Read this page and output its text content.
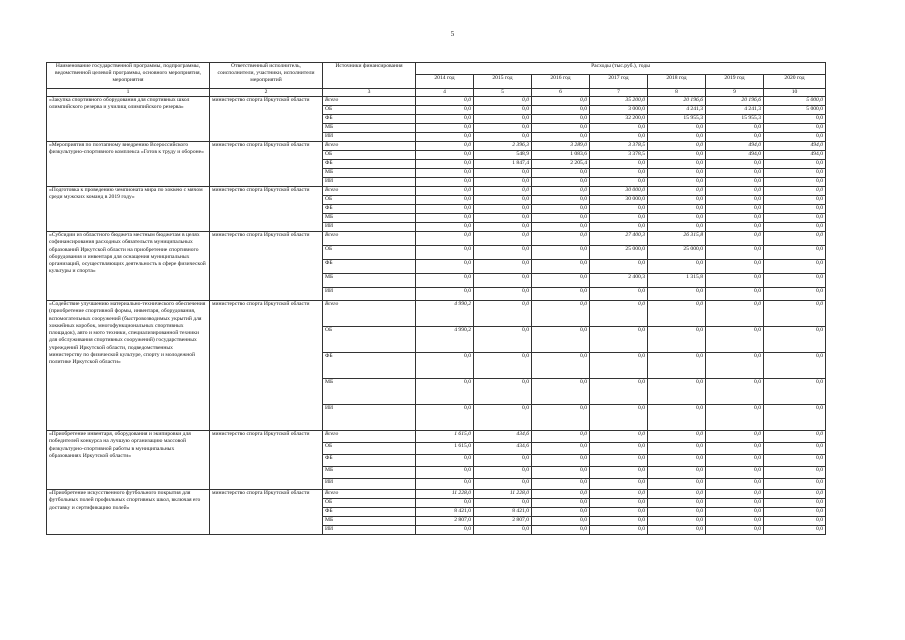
5
Наименование государственной программы, подпрограммы, ведомственной целевой программы, основного мероприятия, мероприятия	Ответственный исполнитель, соисполнители, участники, исполнители мероприятий	Источники финансирования	Расходы (тыс.руб.), годы						
			2014 год	2015 год	2016 год	2017 год	2018 год	2019 год	2020 год
1	2	3	4	5	6	7	8	9	10
«Закупка спортивного оборудования для спортивных школ олимпийского резерва и училищ олимпийского резерва»	министерство спорта Иркутской области	Всего	0,0	0,0	0,0	35 200,0	20 196,6	20 196,6	5 000,0
		ОБ	0,0	0,0	0,0	3 000,0	4 241,3	4 241,3	5 000,0
		ФБ	0,0	0,0	0,0	32 200,0	15 955,3	15 955,3	0,0
		МБ	0,0	0,0	0,0	0,0	0,0	0,0	0,0
		ИИ	0,0	0,0	0,0	0,0	0,0	0,0	0,0
«Мероприятия по поэтапному внедрению Всероссийского физкультурно-спортивного комплекса «Готов к труду и обороне»	министерство спорта Иркутской области	Всего	0,0	2 396,3	3 289,0	3 378,5	0,0	494,0	494,0
		ОБ	0,0	548,9	1 083,6	3 378,5	0,0	494,0	494,0
		ФБ	0,0	1 847,4	2 205,4	0,0	0,0	0,0	0,0
		МБ	0,0	0,0	0,0	0,0	0,0	0,0	0,0
		ИИ	0,0	0,0	0,0	0,0	0,0	0,0	0,0
«Подготовка к проведению чемпионата мира по хоккею с мячом среди мужских команд в 2019 году»	министерство спорта Иркутской области	Всего	0,0	0,0	0,0	30 000,0	0,0	0,0	0,0
		ОБ	0,0	0,0	0,0	30 000,0	0,0	0,0	0,0
		ФБ	0,0	0,0	0,0	0,0	0,0	0,0	0,0
		МБ	0,0	0,0	0,0	0,0	0,0	0,0	0,0
		ИИ	0,0	0,0	0,0	0,0	0,0	0,0	0,0
«Субсидии из областного бюджета местным бюджетам в целях софинансирования расходных обязательств муниципальных образований Иркутской области на приобретение спортивного оборудования и инвентаря для оснащения муниципальных организаций, осуществляющих деятельность в сфере физической культуры и спорта»	министерство спорта Иркутской области	Всего	0,0	0,0	0,0	27 400,3	26 315,8	0,0	0,0
		ОБ	0,0	0,0	0,0	25 000,0	25 000,0	0,0	0,0
		ФБ	0,0	0,0	0,0	0,0	0,0	0,0	0,0
		МБ	0,0	0,0	0,0	2 400,3	1 315,8	0,0	0,0
		ИИ	0,0	0,0	0,0	0,0	0,0	0,0	0,0
«Содействие улучшению материально-технического обеспечения (приобретение спортивной формы, инвентаря, оборудования, вспомогательных сооружений (быстровозводимых укрытий для хоккейных коробок, многофункциональных спортивных площадок), авто и мото техники, специализированной техники для обслуживания спортивных сооружений) государственных учреждений Иркутской области, подведомственных министерству по физической культуре, спорту и молодежной политике Иркутской области»	министерство спорта Иркутской области	Всего	4 990,2	0,0	0,0	0,0	0,0	0,0	0,0
		ОБ	4 990,2	0,0	0,0	0,0	0,0	0,0	0,0
		ФБ	0,0	0,0	0,0	0,0	0,0	0,0	0,0
		МБ	0,0	0,0	0,0	0,0	0,0	0,0	0,0
		ИИ	0,0	0,0	0,0	0,0	0,0	0,0	0,0
«Приобретение инвентаря, оборудования и экипировки для победителей конкурса на лучшую организацию массовой физкультурно-спортивной работы в муниципальных образованиях Иркутской области»	министерство спорта Иркутской области	Всего	1 615,0	434,6	0,0	0,0	0,0	0,0	0,0
		ОБ	1 615,0	434,6	0,0	0,0	0,0	0,0	0,0
		ФБ	0,0	0,0	0,0	0,0	0,0	0,0	0,0
		МБ	0,0	0,0	0,0	0,0	0,0	0,0	0,0
		ИИ	0,0	0,0	0,0	0,0	0,0	0,0	0,0
«Приобретение искусственного футбольного покрытия для футбольных полей профильных спортивных школ, включая его доставку и сертификацию полей»	министерство спорта Иркутской области	Всего	11 228,0	11 228,0	0,0	0,0	0,0	0,0	0,0
		ОБ	0,0	0,0	0,0	0,0	0,0	0,0	0,0
		ФБ	8 421,0	8 421,0	0,0	0,0	0,0	0,0	0,0
		МБ	2 807,0	2 807,0	0,0	0,0	0,0	0,0	0,0
		ИИ	0,0	0,0	0,0	0,0	0,0	0,0	0,0
